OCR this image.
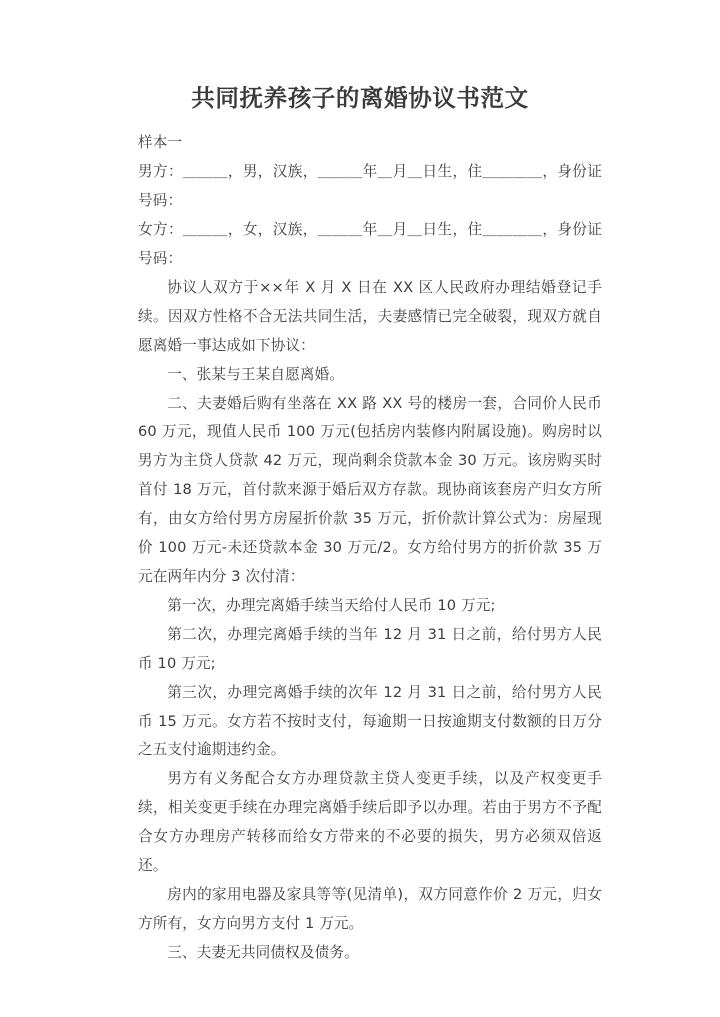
共同抚养孩子的离婚协议书范文

样本一

男方：＿＿＿，男，汉族，＿＿＿年＿月＿日生，住＿＿＿＿，身份证号码：

女方：＿＿＿，女，汉族，＿＿＿年＿月＿日生，住＿＿＿＿，身份证号码：

协议人双方于××年 X 月 X 日在 XX 区人民政府办理结婚登记手续。因双方性格不合无法共同生活，夫妻感情已完全破裂，现双方就自愿离婚一事达成如下协议：

一、张某与王某自愿离婚。

二、夫妻婚后购有坐落在 XX 路 XX 号的楼房一套，合同价人民币 60 万元，现值人民币 100 万元(包括房内装修内附属设施)。购房时以男方为主贷人贷款 42 万元，现尚剩余贷款本金 30 万元。该房购买时首付 18 万元，首付款来源于婚后双方存款。现协商该套房产归女方所有，由女方给付男方房屋折价款 35 万元，折价款计算公式为：房屋现价 100 万元-未还贷款本金 30 万元/2。女方给付男方的折价款 35 万元在两年内分 3 次付清：

第一次，办理完离婚手续当天给付人民币 10 万元;

第二次，办理完离婚手续的当年 12 月 31 日之前，给付男方人民币 10 万元;

第三次，办理完离婚手续的次年 12 月 31 日之前，给付男方人民币 15 万元。女方若不按时支付，每逾期一日按逾期支付数额的日万分之五支付逾期违约金。

男方有义务配合女方办理贷款主贷人变更手续，以及产权变更手续，相关变更手续在办理完离婚手续后即予以办理。若由于男方不予配合女方办理房产转移而给女方带来的不必要的损失，男方必须双倍返还。

房内的家用电器及家具等等(见清单)，双方同意作价 2 万元，归女方所有，女方向男方支付 1 万元。

三、夫妻无共同债权及债务。
